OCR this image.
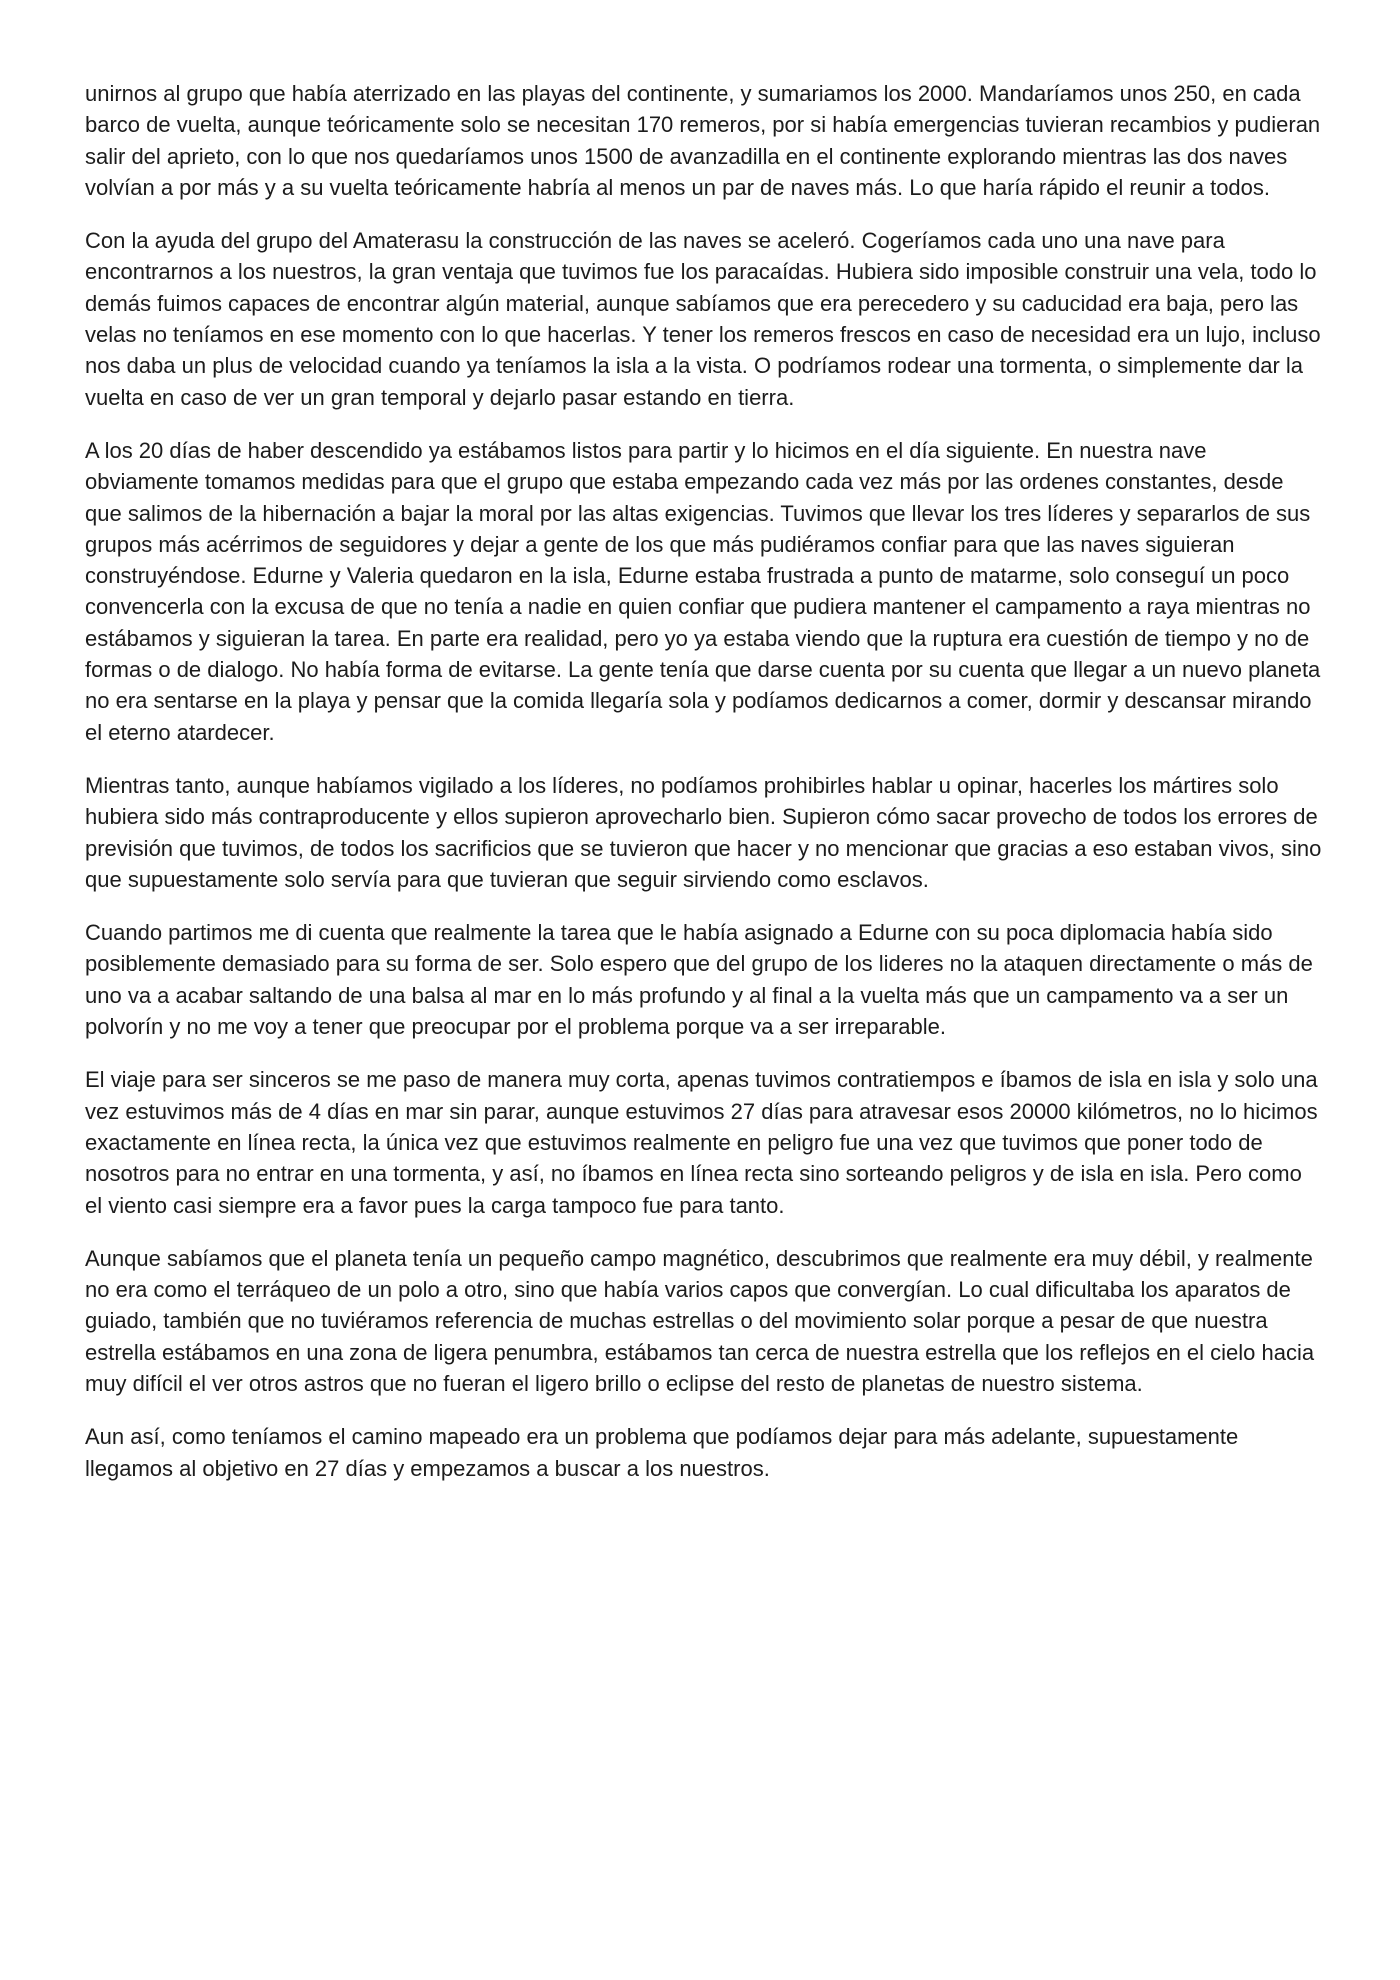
unirnos al grupo que había aterrizado en las playas del continente, y sumariamos los 2000. Mandaríamos unos 250, en cada barco de vuelta, aunque teóricamente solo se necesitan 170 remeros, por si había emergencias tuvieran recambios y pudieran salir del aprieto, con lo que nos quedaríamos unos 1500 de avanzadilla en el continente explorando mientras las dos naves volvían a por más y a su vuelta teóricamente habría al menos un par de naves más. Lo que haría rápido el reunir a todos.

Con la ayuda del grupo del Amaterasu la construcción de las naves se aceleró. Cogeríamos cada uno una nave para encontrarnos a los nuestros, la gran ventaja que tuvimos fue los paracaídas. Hubiera sido imposible construir una vela, todo lo demás fuimos capaces de encontrar algún material, aunque sabíamos que era perecedero y su caducidad era baja, pero las velas no teníamos en ese momento con lo que hacerlas. Y tener los remeros frescos en caso de necesidad era un lujo, incluso nos daba un plus de velocidad cuando ya teníamos la isla a la vista. O podríamos rodear una tormenta, o simplemente dar la vuelta en caso de ver un gran temporal y dejarlo pasar estando en tierra.

A los 20 días de haber descendido ya estábamos listos para partir y lo hicimos en el día siguiente. En nuestra nave obviamente tomamos medidas para que el grupo que estaba empezando cada vez más por las ordenes constantes, desde que salimos de la hibernación a bajar la moral por las altas exigencias. Tuvimos que llevar los tres líderes y separarlos de sus grupos más acérrimos de seguidores y dejar a gente de los que más pudiéramos confiar para que las naves siguieran construyéndose. Edurne y Valeria quedaron en la isla, Edurne estaba frustrada a punto de matarme, solo conseguí un poco convencerla con la excusa de que no tenía a nadie en quien confiar que pudiera mantener el campamento a raya mientras no estábamos y siguieran la tarea. En parte era realidad, pero yo ya estaba viendo que la ruptura era cuestión de tiempo y no de formas o de dialogo. No había forma de evitarse. La gente tenía que darse cuenta por su cuenta que llegar a un nuevo planeta no era sentarse en la playa y pensar que la comida llegaría sola y podíamos dedicarnos a comer, dormir y descansar mirando el eterno atardecer.

Mientras tanto, aunque habíamos vigilado a los líderes, no podíamos prohibirles hablar u opinar, hacerles los mártires solo hubiera sido más contraproducente y ellos supieron aprovecharlo bien. Supieron cómo sacar provecho de todos los errores de previsión que tuvimos, de todos los sacrificios que se tuvieron que hacer y no mencionar que gracias a eso estaban vivos, sino que supuestamente solo servía para que tuvieran que seguir sirviendo como esclavos.

Cuando partimos me di cuenta que realmente la tarea que le había asignado a Edurne con su poca diplomacia había sido posiblemente demasiado para su forma de ser. Solo espero que del grupo de los lideres no la ataquen directamente o más de uno va a acabar saltando de una balsa al mar en lo más profundo y al final a la vuelta más que un campamento va a ser un polvorín y no me voy a tener que preocupar por el problema porque va a ser irreparable.

El viaje para ser sinceros se me paso de manera muy corta, apenas tuvimos contratiempos e íbamos de isla en isla y solo una vez estuvimos más de 4 días en mar sin parar, aunque estuvimos 27 días para atravesar esos 20000 kilómetros, no lo hicimos exactamente en línea recta, la única vez que estuvimos realmente en peligro fue una vez que tuvimos que poner todo de nosotros para no entrar en una tormenta, y así, no íbamos en línea recta sino sorteando peligros y de isla en isla. Pero como el viento casi siempre era a favor pues la carga tampoco fue para tanto.

Aunque sabíamos que el planeta tenía un pequeño campo magnético, descubrimos que realmente era muy débil, y realmente no era como el terráqueo de un polo a otro, sino que había varios capos que convergían. Lo cual dificultaba los aparatos de guiado, también que no tuviéramos referencia de muchas estrellas o del movimiento solar porque a pesar de que nuestra estrella estábamos en una zona de ligera penumbra, estábamos tan cerca de nuestra estrella que los reflejos en el cielo hacia muy difícil el ver otros astros que no fueran el ligero brillo o eclipse del resto de planetas de nuestro sistema.

Aun así, como teníamos el camino mapeado era un problema que podíamos dejar para más adelante, supuestamente llegamos al objetivo en 27 días y empezamos a buscar a los nuestros.
